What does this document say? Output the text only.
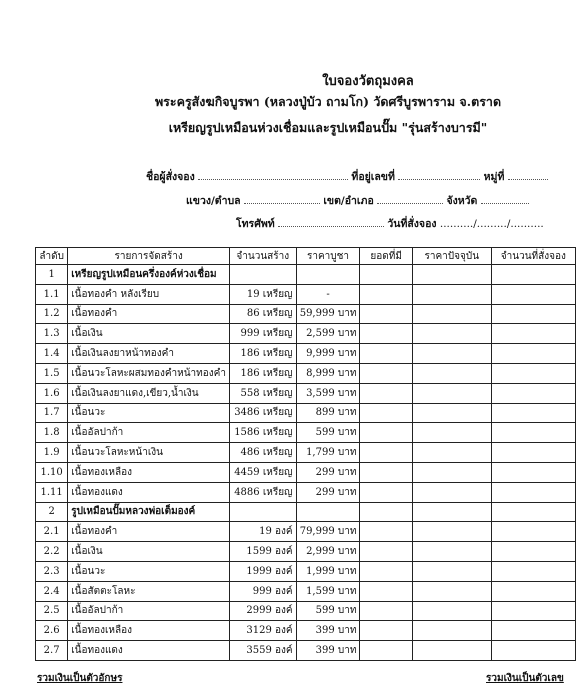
ใบจองวัตถุมงคล
พระครูสังฆกิจบูรพา (หลวงปู่บัว ถามโก) วัดศรีบูรพาราม จ.ตราด
เหรียญรูปเหมือนห่วงเชื่อมและรูปเหมือนปั๊ม "รุ่นสร้างบารมี"
ชื่อผู้สั่งจอง	ที่อยู่เลขที่	หมู่ที่
แขวง/ตำบล	เขต/อำเภอ	จังหวัด
โทรศัพท์	วันที่สั่งจอง ........../........./..........
ลำดับ	รายการจัดสร้าง	จำนวนสร้าง	ราคาบูชา	ยอดที่มี	ราคาปัจจุบัน	จำนวนที่สั่งจอง
1	เหรียญรูปเหมือนครึ่งองค์ห่วงเชื่อม					
1.1	เนื้อทองคำ หลังเรียบ	19 เหรียญ	-			
1.2	เนื้อทองคำ	86 เหรียญ	59,999 บาท			
1.3	เนื้อเงิน	999 เหรียญ	2,599 บาท			
1.4	เนื้อเงินลงยาหน้าทองคำ	186 เหรียญ	9,999 บาท			
1.5	เนื้อนวะโลหะผสมทองคำหน้าทองคำ	186 เหรียญ	8,999 บาท			
1.6	เนื้อเงินลงยาแดง,เขียว,น้ำเงิน	558 เหรียญ	3,599 บาท			
1.7	เนื้อนวะ	3486 เหรียญ	899 บาท			
1.8	เนื้ออัลปาก้า	1586 เหรียญ	599 บาท			
1.9	เนื้อนวะโลหะหน้าเงิน	486 เหรียญ	1,799 บาท			
1.10	เนื้อทองเหลือง	4459 เหรียญ	299 บาท			
1.11	เนื้อทองแดง	4886 เหรียญ	299 บาท			
2	รูปเหมือนปั๊มหลวงพ่อเต็มองค์					
2.1	เนื้อทองคำ	19 องค์	79,999 บาท			
2.2	เนื้อเงิน	1599 องค์	2,999 บาท			
2.3	เนื้อนวะ	1999 องค์	1,999 บาท			
2.4	เนื้อสัตตะโลหะ	999 องค์	1,599 บาท			
2.5	เนื้ออัลปาก้า	2999 องค์	599 บาท			
2.6	เนื้อทองเหลือง	3129 องค์	399 บาท			
2.7	เนื้อทองแดง	3559 องค์	399 บาท			
รวมเงินเป็นตัวอักษร	รวมเงินเป็นตัวเลข
